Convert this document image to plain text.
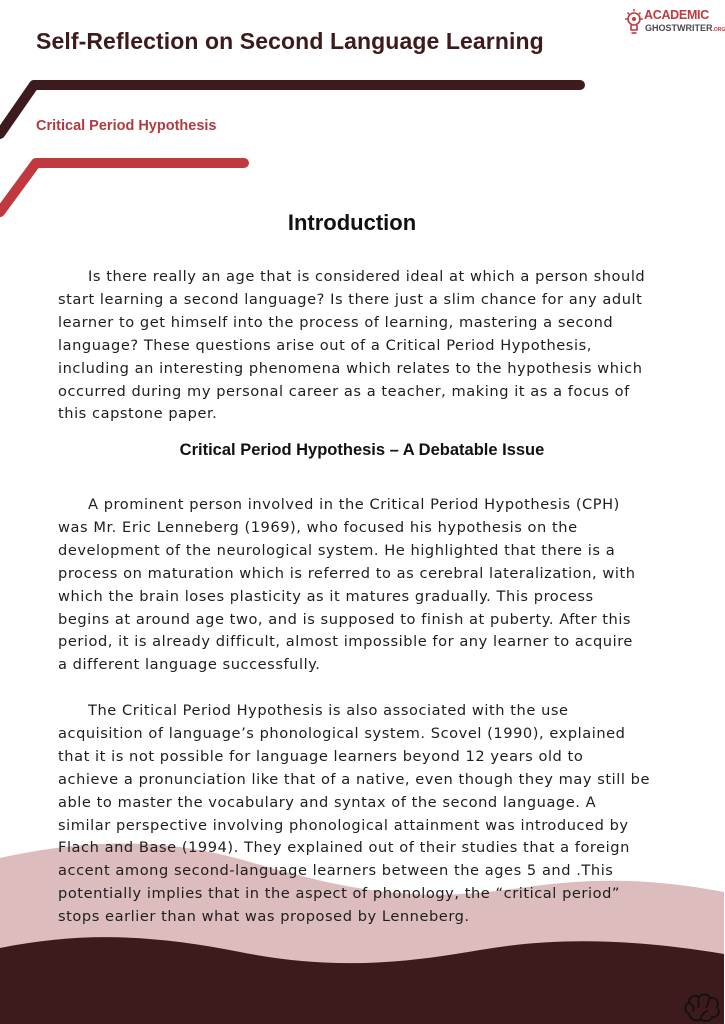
Self-Reflection on Second Language Learning
Critical Period Hypothesis
ACADEMIC
GHOSTWRITER.ORG
Introduction

Is there really an age that is considered ideal at which a person should
start learning a second language? Is there just a slim chance for any adult
learner to get himself into the process of learning, mastering a second
language? These questions arise out of a Critical Period Hypothesis,
including an interesting phenomena which relates to the hypothesis which
occurred during my personal career as a teacher, making it as a focus of
this capstone paper.

Critical Period Hypothesis – A Debatable Issue

A prominent person involved in the Critical Period Hypothesis (CPH)
was Mr. Eric Lenneberg (1969), who focused his hypothesis on the
development of the neurological system. He highlighted that there is a
process on maturation which is referred to as cerebral lateralization, with
which the brain loses plasticity as it matures gradually. This process
begins at around age two, and is supposed to finish at puberty. After this
period, it is already difficult, almost impossible for any learner to acquire
a different language successfully.

The Critical Period Hypothesis is also associated with the use
acquisition of language’s phonological system. Scovel (1990), explained
that it is not possible for language learners beyond 12 years old to
achieve a pronunciation like that of a native, even though they may still be
able to master the vocabulary and syntax of the second language. A
similar perspective involving phonological attainment was introduced by
Flach and Base (1994). They explained out of their studies that a foreign
accent among second-language learners between the ages 5 and .This
potentially implies that in the aspect of phonology, the “critical period”
stops earlier than what was proposed by Lenneberg.
